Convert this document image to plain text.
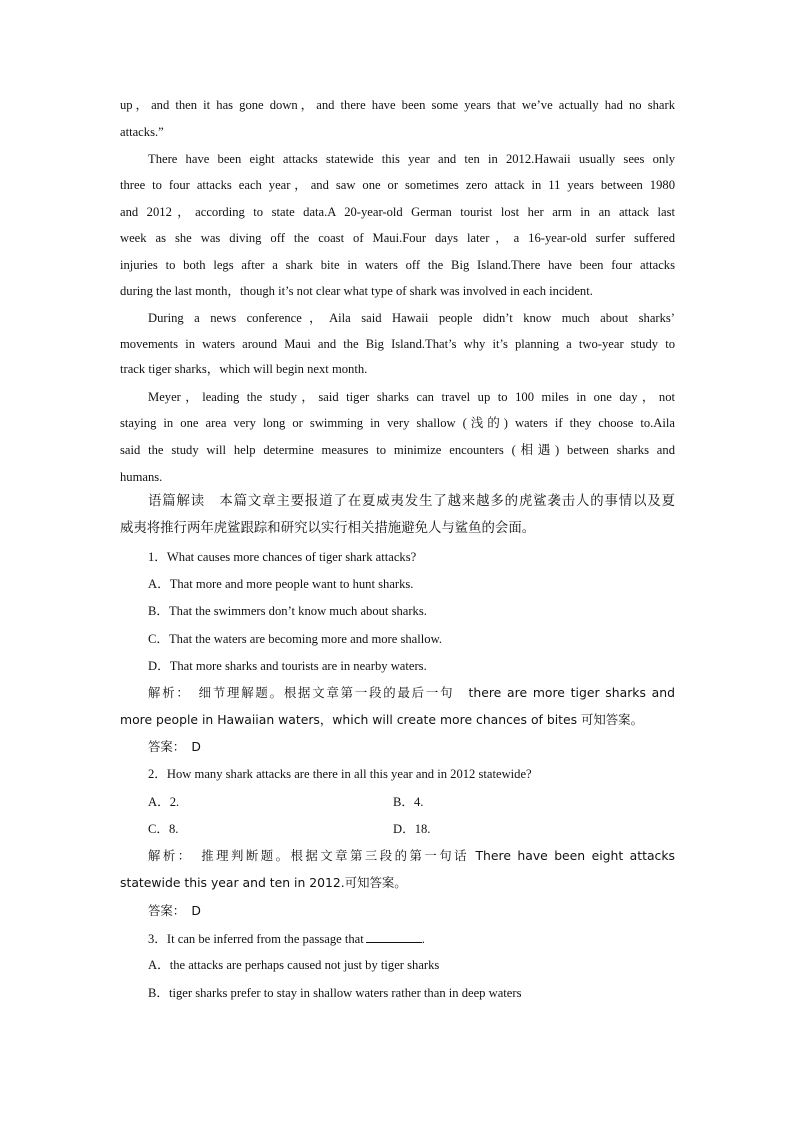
up，and then it has gone down，and there have been some years that we’ve actually had no shark
attacks.”
There have been eight attacks statewide this year and ten in 2012.Hawaii usually sees only
three to four attacks each year，and saw one or sometimes zero attack in 11 years between 1980
and 2012，according to state data.A 20-year-old German tourist lost her arm in an attack last
week as she was diving off the coast of Maui.Four days later，a 16-year-old surfer suffered
injuries to both legs after a shark bite in waters off the Big Island.There have been four attacks
during the last month，though it’s not clear what type of shark was involved in each incident.
During a news conference，Aila said Hawaii people didn’t know much about sharks’
movements in waters around Maui and the Big Island.That’s why it’s planning a two-year study to
track tiger sharks，which will begin next month.
Meyer，leading the study，said tiger sharks can travel up to 100 miles in one day，not
staying in one area very long or swimming in very shallow (浅的) waters if they choose to.Aila
said the study will help determine measures to minimize encounters (相遇) between sharks and
humans.
语篇解读　本篇文章主要报道了在夏威夷发生了越来越多的虎鲨袭击人的事情以及夏
威夷将推行两年虎鲨跟踪和研究以实行相关措施避免人与鲨鱼的会面。
1．What causes more chances of tiger shark attacks?
A．That more and more people want to hunt sharks.
B．That the swimmers don’t know much about sharks.
C．That the waters are becoming more and more shallow.
D．That more sharks and tourists are in nearby waters.
解析：　细节理解题。根据文章第一段的最后一句　there are more tiger sharks and
more people in Hawaiian waters，which will create more chances of bites 可知答案。
答案：　D
2．How many shark attacks are there in all this year and in 2012 statewide?
A．2.	B．4.
C．8.	D．18.
解析：　推理判断题。根据文章第三段的第一句话 There have been eight attacks
statewide this year and ten in 2012.可知答案。
答案：　D
3．It can be inferred from the passage that	.
A．the attacks are perhaps caused not just by tiger sharks
B．tiger sharks prefer to stay in shallow waters rather than in deep waters
